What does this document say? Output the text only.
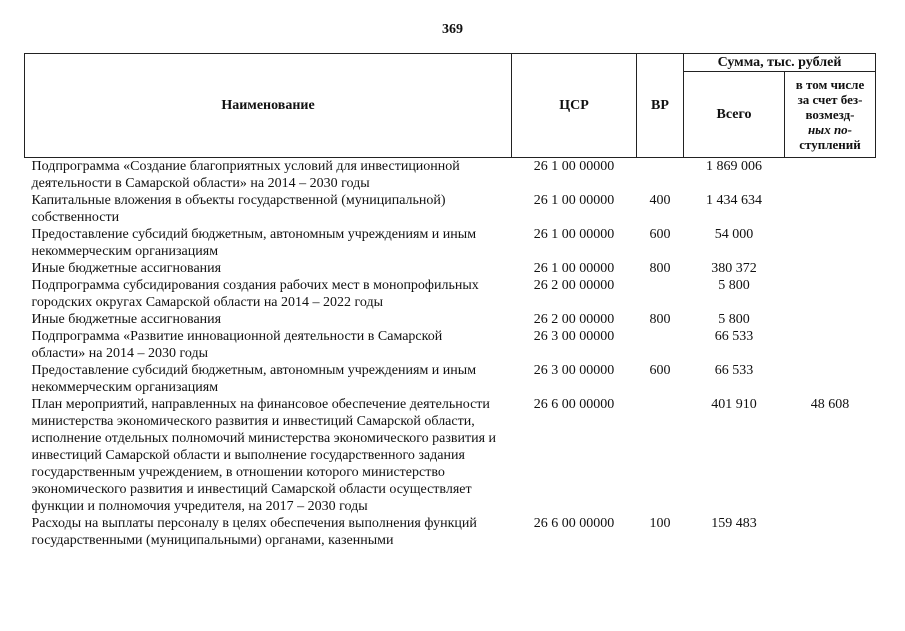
369
Наименование	ЦСР	ВР	Сумма, тыс. рублей	
			Всего	в том числе
за счет без-
возмезд-
ных по-
ступлений

Подпрограмма «Создание благоприятных условий для инвестиционной деятельности в Самарской области» на 2014 – 2030 годы	26 1 00 00000		1 869 006	
Капитальные вложения в объекты государственной (муниципальной) собственности	26 1 00 00000	400	1 434 634	
Предоставление субсидий бюджетным, автономным учреждениям и иным некоммерческим организациям	26 1 00 00000	600	54 000	
Иные бюджетные ассигнования	26 1 00 00000	800	380 372	
Подпрограмма субсидирования создания рабочих мест в монопрофильных городских округах Самарской области на 2014 – 2022 годы	26 2 00 00000		5 800	
Иные бюджетные ассигнования	26 2 00 00000	800	5 800	
Подпрограмма «Развитие инновационной деятельности в Самарской области» на 2014 – 2030 годы	26 3 00 00000		66 533	
Предоставление субсидий бюджетным, автономным учреждениям и иным некоммерческим организациям	26 3 00 00000	600	66 533	
План мероприятий, направленных на финансовое обеспечение деятельности министерства экономического развития и инвестиций Самарской области, исполнение отдельных полномочий министерства экономического развития и инвестиций Самарской области и выполнение государственного задания государственным учреждением, в отношении которого министерство экономического развития и инвестиций Самарской области осуществляет функции и полномочия учредителя, на 2017 – 2030 годы	26 6 00 00000		401 910	48 608
Расходы на выплаты персоналу в целях обеспечения выполнения функций государственными (муниципальными) органами, казенными	26 6 00 00000	100	159 483	
